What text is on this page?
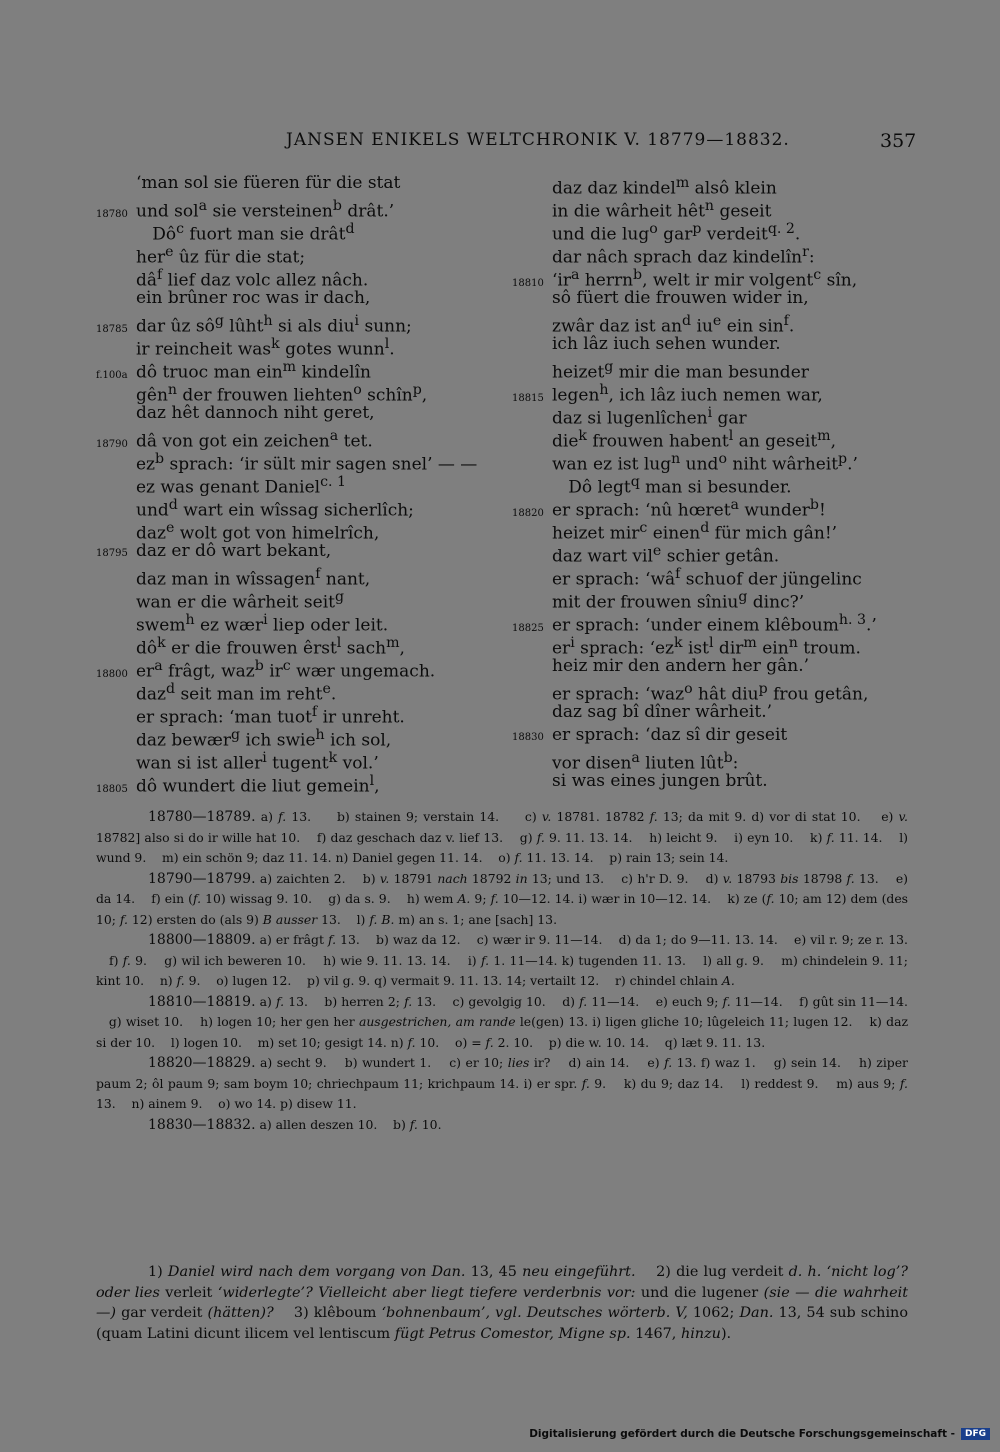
JANSEN ENIKELS WELTCHRONIK V. 18779—18832.	357
‘man sol sie füeren für die stat
18780 und sol$^a$ sie versteinen$^b$ drât.’
$Dô^c$ fuort man sie drât$^d$
her$^e$ ûz für die stat;
$dâ^f$ lief daz volc allez nâch.
ein brûner roc was ir dach,
18785 dar ûz $sô^g$ lûht$^h$ si als diu$^i$ sunn;
ir reincheit was$^k$ gotes wunn$^l$.
f.100a dô truoc man ein$^m$ kindelîn
gên$^n$ der frouwen liehten$^o$ schîn$^p$,
daz hêt dannoch niht geret,
18790 dâ von got ein zeichen$^a$ tet.
$ez^b$ sprach: ‘ir sült mir sagen snel’ — —
ez was genant Daniel$^{c. 1}$
und$^d$ wart ein wîssag sicherlîch;
daz$^e$ wolt got von himelrîch,
18795 daz er dô wart bekant,
daz man in wîssagen$^f$ nant,
wan er die wârheit seit$^g$
swem$^h$ ez wær$^i$ liep oder leit.
$dô^k$ er die frouwen êrst$^l$ sach$^m$,
18800 $er^a$ frâgt, waz$^b$ $ir^c$ wær ungemach.
daz$^d$ seit man im reht$^e$.
er sprach: ‘man tuot$^f$ ir unreht.
daz bewær$^g$ ich swie$^h$ ich sol,
wan si ist aller$^i$ tugent$^k$ vol.’
18805 dô wundert die liut gemein$^l$,
daz daz kindel$^m$ alsô klein
in die wârheit hêt$^n$ geseit
und die lug$^o$ gar$^p$ verdeit$^{q. 2}$.
dar nâch sprach daz kindelîn$^r$:
18810 ‘$ir^a$ herrn$^b$, welt ir mir volgent$^c$ sîn,
sô füert die frouwen wider in,
zwâr daz ist $an^d$ $iu^e$ ein $\sin^f$.
ich lâz iuch sehen wunder.
heizet$^g$ mir die man besunder
18815 legen$^h$, ich lâz iuch nemen war,
daz si lugenlîchen$^i$ gar
die$^k$ frouwen habent$^l$ an geseit$^m$,
wan ez ist lug$^n$ und$^o$ niht wârheit$^p$.’
Dô legt$^q$ man si besunder.
18820 er sprach: ‘nû hœret$^a$ wunder$^b$!
heizet mir$^c$ einen$^d$ für mich gân!’
daz wart vil$^e$ schier getân.
er sprach: ‘$wâ^f$ schuof der jüngelinc
mit der frouwen sîniu$^g$ dinc?’
18825 er sprach: ‘under einem klêboum$^{h. 3}$.’
$er^i$ sprach: ‘$ez^k$ ist$^l$ dir$^m$ ein$^n$ troum.
heiz mir den andern her gân.’
er sprach: ‘waz$^o$ hât diu$^p$ frou getân,
daz sag bî dîner wârheit.’
18830 er sprach: ‘daz sî dir geseit
vor disen$^a$ liuten lût$^b$:
si was eines jungen brût.

18780—18789. a) f. 13.     b) stainen 9; verstain 14.     c) v. 18781. 18782 f. 13; da mit 9. d) vor di stat 10.    e) v. 18782] also si do ir wille hat 10.    f) daz geschach daz v. lief 13.    g) f. 9. 11. 13. 14.    h) leicht 9.    i) eyn 10.    k) f. 11. 14.    l) wund 9.    m) ein schön 9; daz 11. 14. n) Daniel gegen 11. 14.    o) f. 11. 13. 14.    p) rain 13; sein 14.

18790—18799. a) zaichten 2.    b) v. 18791 nach 18792 in 13; und 13.    c) h'r D. 9.    d) v. 18793 bis 18798 f. 13.    e) da 14.    f) ein (f. 10) wissag 9. 10.    g) da s. 9.    h) wem A. 9; f. 10—12. 14. i) wær in 10—12. 14.    k) ze (f. 10; am 12) dem (des 10; f. 12) ersten do (als 9) B ausser 13.    l) f. B. m) an s. 1; ane [sach] 13.

18800—18809. a) er frâgt f. 13.    b) waz da 12.    c) wær ir 9. 11—14.    d) da 1; do 9—11. 13. 14.    e) vil r. 9; ze r. 13.    f) f. 9.    g) wil ich beweren 10.    h) wie 9. 11. 13. 14.    i) f. 1. 11—14. k) tugenden 11. 13.    l) all g. 9.    m) chindelein 9. 11; kint 10.    n) f. 9.    o) lugen 12.    p) vil g. 9. q) vermait 9. 11. 13. 14; vertailt 12.    r) chindel chlain A.

18810—18819. a) f. 13.    b) herren 2; f. 13.    c) gevolgig 10.    d) f. 11—14.    e) euch 9; f. 11—14.    f) gût sin 11—14.    g) wiset 10.    h) logen 10; her gen her ausgestrichen, am rande le(gen) 13. i) ligen gliche 10; lûgeleich 11; lugen 12.    k) daz si der 10.    l) logen 10.    m) set 10; gesigt 14. n) f. 10.    o) = f. 2. 10.    p) die w. 10. 14.    q) læt 9. 11. 13.

18820—18829. a) secht 9.    b) wundert 1.    c) er 10; lies ir?    d) ain 14.    e) f. 13. f) waz 1.    g) sein 14.    h) ziper paum 2; ôl paum 9; sam boym 10; chriechpaum 11; krichpaum 14. i) er spr. f. 9.    k) du 9; daz 14.    l) reddest 9.    m) aus 9; f. 13.    n) ainem 9.    o) wo 14. p) disew 11.

18830—18832. a) allen deszen 10.    b) f. 10.

1) Daniel wird nach dem vorgang von Dan. 13, 45 neu eingeführt.    2) die lug verdeit d. h. ‘nicht log’? oder lies verleit ‘widerlegte’? Vielleicht aber liegt tiefere verderbnis vor: und die lugener (sie — die wahrheit —) gar verdeit (hätten)?    3) klêboum ‘bohnenbaum’, vgl. Deutsches wörterb. V, 1062; Dan. 13, 54 sub schino (quam Latini dicunt ilicem vel lentiscum fügt Petrus Comestor, Migne sp. 1467, hinzu).

Digitalisierung gefördert durch die Deutsche Forschungsgemeinschaft -	DFG
